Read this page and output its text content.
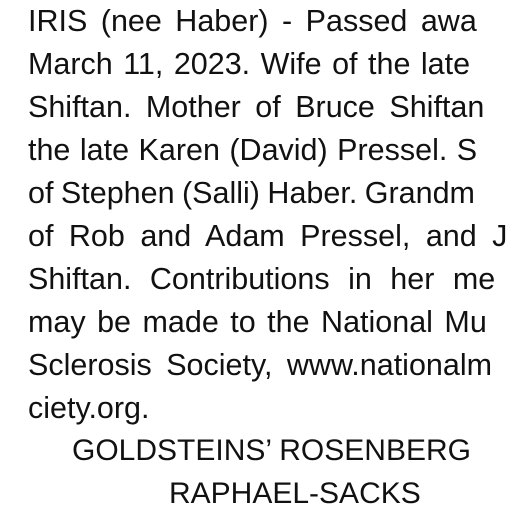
IRIS (nee Haber) - Passed awa
March 11, 2023. Wife of the late
Shiftan. Mother of Bruce Shiftan
the late Karen (David) Pressel. S
of Stephen (Salli) Haber. Grandm
of Rob and Adam Pressel, and J
Shiftan. Contributions in her me
may be made to the National Mu
Sclerosis Society, www.nationalm
ciety.org.
GOLDSTEINS’ ROSENBERG
RAPHAEL-SACKS
